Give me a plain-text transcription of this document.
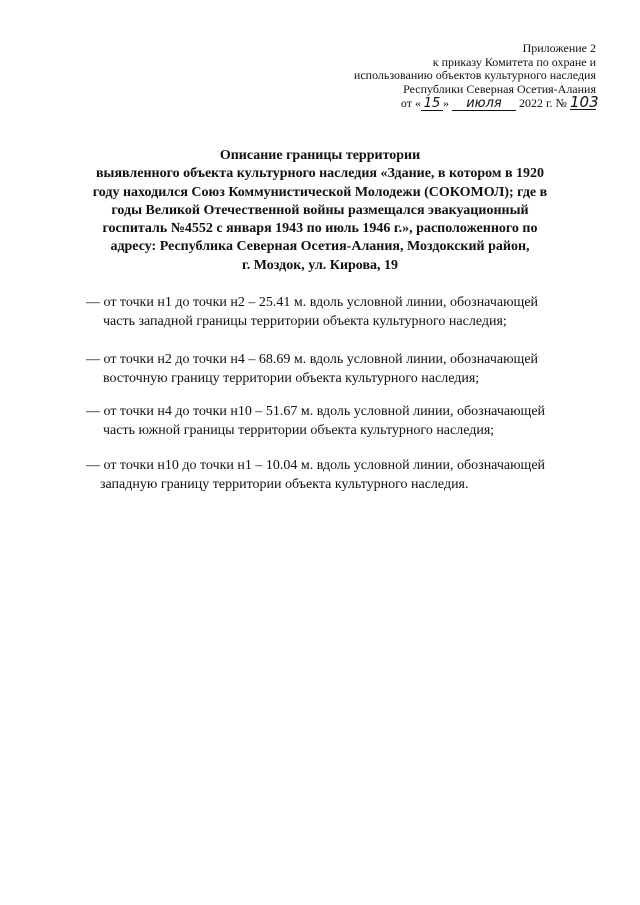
Приложение 2
к приказу Комитета по охране и
использованию объектов культурного наследия
Республики Северная Осетия-Алания
от « 15 » июля 2022 г. № 103
Описание границы территории
выявленного объекта культурного наследия «Здание, в котором в 1920
году находился Союз Коммунистической Молодежи (СОКОМОЛ); где в
годы Великой Отечественной войны размещался эвакуационный
госпиталь №4552 с января 1943 по июль 1946 г.», расположенного по
адресу: Республика Северная Осетия-Алания, Моздокский район,
г. Моздок, ул. Кирова, 19
— от точки н1 до точки н2 – 25.41 м. вдоль условной линии, обозначающей
часть западной границы территории объекта культурного наследия;
— от точки н2 до точки н4 – 68.69 м. вдоль условной линии, обозначающей
восточную границу территории объекта культурного наследия;
— от точки н4 до точки н10 – 51.67 м. вдоль условной линии, обозначающей
часть южной границы территории объекта культурного наследия;
— от точки н10 до точки н1 – 10.04 м. вдоль условной линии, обозначающей
западную границу территории объекта культурного наследия.
